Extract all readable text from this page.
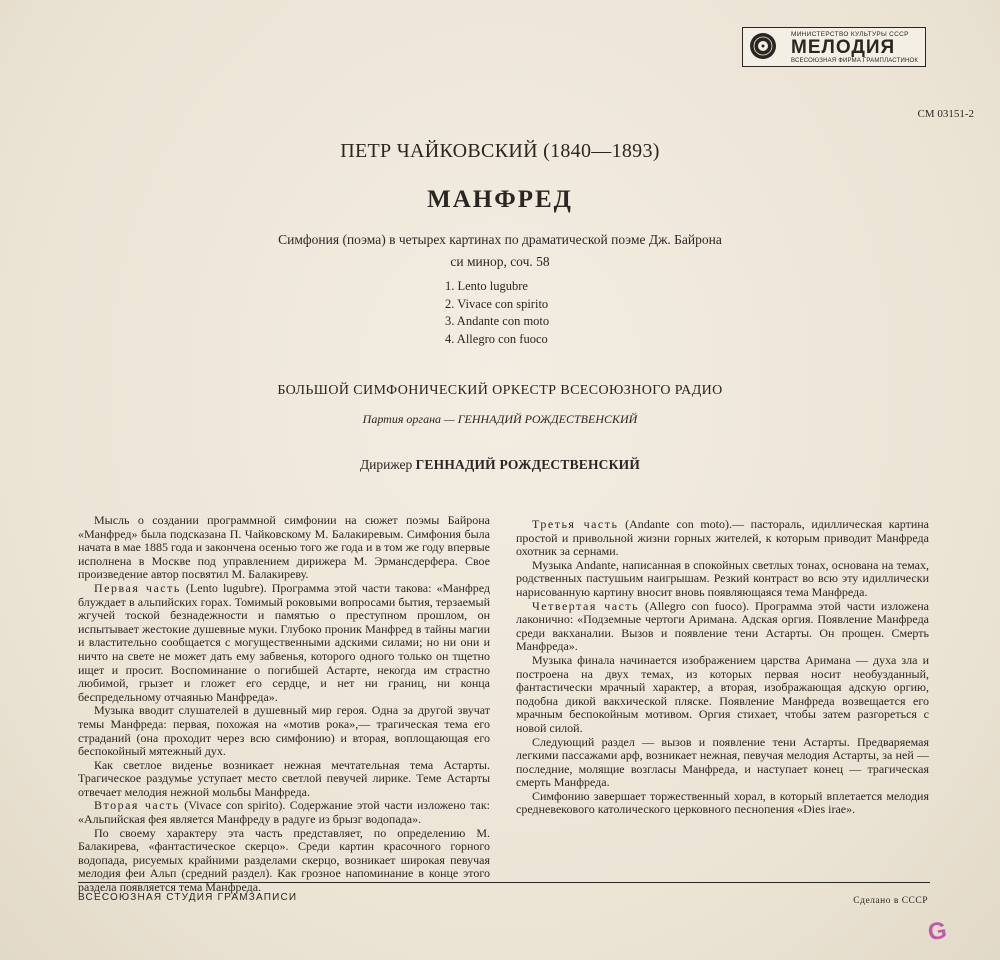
МИНИСТЕРСТВО КУЛЬТУРЫ СССР
МЕЛОДИЯ
ВСЕСОЮЗНАЯ ФИРМА ГРАМПЛАСТИНОК
СМ 03151-2
ПЕТР ЧАЙКОВСКИЙ (1840—1893)
МАНФРЕД
Симфония (поэма) в четырех картинах по драматической поэме Дж. Байрона
си минор, соч. 58
1. Lento lugubre
2. Vivace con spirito
3. Andante con moto
4. Allegro con fuoco
БОЛЬШОЙ СИМФОНИЧЕСКИЙ ОРКЕСТР ВСЕСОЮЗНОГО РАДИО
Партия органа — ГЕННАДИЙ РОЖДЕСТВЕНСКИЙ
Дирижер ГЕННАДИЙ РОЖДЕСТВЕНСКИЙ

Мысль о создании программной симфонии на сюжет поэмы Байрона «Манфред» была подсказана П. Чайковскому М. Балакиревым. Симфония была начата в мае 1885 года и закончена осенью того же года и в том же году впервые исполнена в Москве под управлением дирижера М. Эрмансдерфера. Свое произведение автор посвятил М. Балакиреву.

Первая часть (Lento lugubre). Программа этой части такова: «Манфред блуждает в альпийских горах. Томимый роковыми вопросами бытия, терзаемый жгучей тоской безнадежности и памятью о преступном прошлом, он испытывает жестокие душевные муки. Глубоко проник Манфред в тайны магии и властительно сообщается с могущественными адскими силами; но ни они и ничто на свете не может дать ему забвенья, которого одного только он тщетно ищет и просит. Воспоминание о погибшей Астарте, некогда им страстно любимой, грызет и гложет его сердце, и нет ни границ, ни конца беспредельному отчаянью Манфреда».

Музыка вводит слушателей в душевный мир героя. Одна за другой звучат темы Манфреда: первая, похожая на «мотив рока»,— трагическая тема его страданий (она проходит через всю симфонию) и вторая, воплощающая его беспокойный мятежный дух.

Как светлое виденье возникает нежная мечтательная тема Астарты. Трагическое раздумье уступает место светлой певучей лирике. Теме Астарты отвечает мелодия нежной мольбы Манфреда.

Вторая часть (Vivace con spirito). Содержание этой части изложено так: «Альпийская фея является Манфреду в радуге из брызг водопада».

По своему характеру эта часть представляет, по определению М. Балакирева, «фантастическое скерцо». Среди картин красочного горного водопада, рисуемых крайними разделами скерцо, возникает широкая певучая мелодия феи Альп (средний раздел). Как грозное напоминание в конце этого раздела появляется тема Манфреда.

Третья часть (Andante con moto).— пастораль, идиллическая картина простой и привольной жизни горных жителей, к которым приводит Манфреда охотник за сернами.

Музыка Andante, написанная в спокойных светлых тонах, основана на темах, родственных пастушьим наигрышам. Резкий контраст во всю эту идиллически нарисованную картину вносит вновь появляющаяся тема Манфреда.

Четвертая часть (Allegro con fuoco). Программа этой части изложена лаконично: «Подземные чертоги Аримана. Адская оргия. Появление Манфреда среди вакханалии. Вызов и появление тени Астарты. Он прощен. Смерть Манфреда».

Музыка финала начинается изображением царства Аримана — духа зла и построена на двух темах, из которых первая носит необузданный, фантастически мрачный характер, а вторая, изображающая адскую оргию, подобна дикой вакхической пляске. Появление Манфреда возвещается его мрачным беспокойным мотивом. Оргия стихает, чтобы затем разгореться с новой силой.

Следующий раздел — вызов и появление тени Астарты. Предваряемая легкими пассажами арф, возникает нежная, певучая мелодия Астарты, за ней — последние, молящие возгласы Манфреда, и наступает конец — трагическая смерть Манфреда.

Симфонию завершает торжественный хорал, в который вплетается мелодия средневекового католического церковного песнопения «Dies irae».

ВСЕСОЮЗНАЯ СТУДИЯ ГРАМЗАПИСИ	Сделано в СССР
G
